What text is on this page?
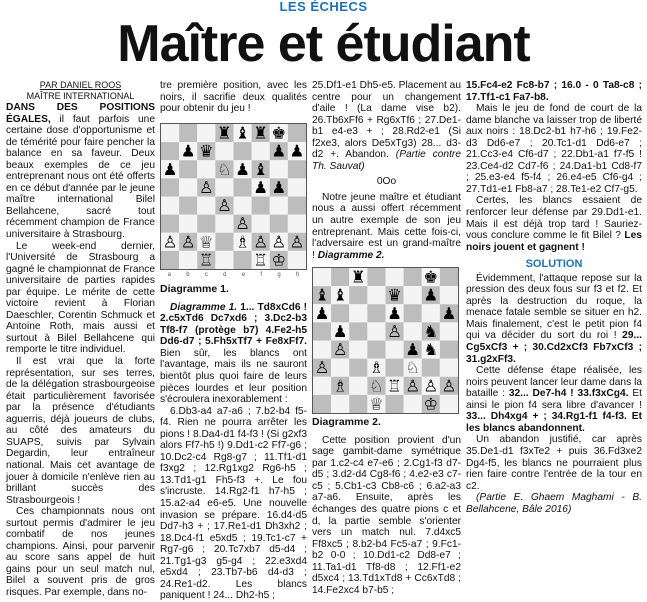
LES ÉCHECS
Maître et étudiant

PAR DANIEL ROOS

MAÎTRE INTERNATIONAL

DANS DES POSITIONS ÉGALES, il faut parfois une certaine dose d'opportunisme et de témérité pour faire pencher la balance en sa faveur. Deux beaux exemples de ce jeu entreprenant nous ont été offerts en ce début d'année par le jeune maître international Bilel Bellahcene, sacré tout récemment champion de France universitaire à Strasbourg.

Le week-end dernier, l'Université de Strasbourg a gagné le championnat de France universitaire de parties rapides par équipe. Le mérite de cette victoire revient à Florian Daeschler, Corentin Schmuck et Antoine Roth, mais aussi et surtout à Bilel Bellahcene qui remporte le titre individuel.

Il est vrai que la forte représentation, sur ses terres, de la délégation strasbourgeoise était particulièrement favorisée par la présence d'étudiants aguerris, déjà joueurs de clubs, au côté des amateurs du SUAPS, suivis par Sylvain Degardin, leur entraîneur national. Mais cet avantage de jouer à domicile n'enlève rien au brillant succès des Strasbourgeois !

Ces championnats nous ont surtout permis d'admirer le jeu combatif de nos jeunes champions. Ainsi, pour parvenir au score sans appel de huit gains pour un seul match nul, Bilel a souvent pris de gros risques. Par exemple, dans no-

tre première position, avec les noirs, il sacrifie deux qualités pour obtenir du jeu !

♜ ♝ ♜ ♚
♟ ♛	♟ ♟
♟ ♘ ♟ ♝
♙ ♟ ♟
♙
♙
♙ ♙ ♕ ♗ ♙ ♙ ♙
♖ ♖ ♔
a	b	c	d	e	f	g	h

Diagramme 1.

Diagramme 1. 1... Td8xCd6 ! 2.c5xTd6 Dc7xd6 ; 3.Dc2-b3 Tf8-f7 (protège b7) 4.Fe2-h5 Dd6-d7 ; 5.Fh5xTf7 + Fe8xFf7. Bien sûr, les blancs ont l'avantage, mais ils ne sauront bientôt plus quoi faire de leurs pièces lourdes et leur position s'écroulera inexorablement :

6.Db3-a4 a7-a6 ; 7.b2-b4 f5-f4. Rien ne pourra arrêter les pions ! 8.Da4-d1 f4-f3 ! (Si g2xf3 alors Ff7-h5 !) 9.Dd1-c2 Ff7-g6 ; 10.Dc2-c4 Rg8-g7 ; 11.Tf1-d1 f3xg2 ; 12.Rg1xg2 Rg6-h5 ; 13.Td1-g1 Fh5-f3 +. Le fou s'incruste. 14.Rg2-f1 h7-h5 ; 15.a2-a4 e6-e5. Une nouvelle invasion se prépare. 16.d4-d5 Dd7-h3 + ; 17.Re1-d1 Dh3xh2 ; 18.Dc4-f1 e5xd5 ; 19.Tc1-c7 + Rg7-g6 ; 20.Tc7xb7 d5-d4 ; 21.Tg1-g3 g5-g4 ; 22.e3xd4 e5xd4 ; 23.Tb7-b6 d4-d3 ; 24.Re1-d2. Les blancs paniquent ! 24... Dh2-h5 ;

25.Df1-e1 Dh5-e5. Placement au centre pour un changement d'aile ! (La dame vise b2). 26.Tb6xFf6 + Rg6xTf6 ; 27.De1-b1 e4-e3 + ; 28.Rd2-e1 (Si f2xe3, alors De5xTg3) 28... d3-d2 +. Abandon. (Partie contre Th. Sauvat)

0Oo

Notre jeune maître et étudiant nous a aussi offert récemment un autre exemple de son jeu entreprenant. Mais cette fois-ci, l'adversaire est un grand-maître ! Diagramme 2.

♜	♚
♝ ♝ ♛ ♟
♟	♟ ♟
♟ ♙ ♞
♙	♟ ♞
♙ ♗ ♘
♗ ♘ ♖ ♙ ♙ ♙
♕ ♔

Diagramme 2.

Cette position provient d'un sage gambit-dame symétrique par 1.c2-c4 e7-e6 ; 2.Cg1-f3 d7-d5 ; 3.d2-d4 Cg8-f6 ; 4.e2-e3 c7-c5 ; 5.Cb1-c3 Cb8-c6 ; 6.a2-a3 a7-a6. Ensuite, après les échanges des quatre pions c et d, la partie semble s'orienter vers un match nul. 7.d4xc5 Ff8xc5 ; 8.b2-b4 Fc5-a7 ; 9.Fc1-b2 0-0 ; 10.Dd1-c2 Dd8-e7 ; 11.Ta1-d1 Tf8-d8 ; 12.Ff1-e2 d5xc4 ; 13.Td1xTd8 + Cc6xTd8 ; 14.Fe2xc4 b7-b5 ;

15.Fc4-e2 Fc8-b7 ; 16.0 - 0 Ta8-c8 ; 17.Tf1-c1 Fa7-b8.

Mais le jeu de fond de court de la dame blanche va laisser trop de liberté aux noirs : 18.Dc2-b1 h7-h6 ; 19.Fe2-d3 Dd6-e7 ; 20.Tc1-d1 Dd6-e7 ; 21.Cc3-e4 Cf6-d7 ; 22.Db1-a1 f7-f5 ! 23.Ce4-d2 Cd7-f6 ; 24.Da1-b1 Cd8-f7 ; 25.e3-e4 f5-f4 ; 26.e4-e5 Cf6-g4 ; 27.Td1-e1 Fb8-a7 ; 28.Te1-e2 Cf7-g5.

Certes, les blancs essaient de renforcer leur défense par 29.Dd1-e1. Mais il est déjà trop tard ! Sauriez-vous conclure comme le fit Bilel ? Les noirs jouent et gagnent !

SOLUTION

Évidemment, l'attaque repose sur la pression des deux fous sur f3 et f2. Et après la destruction du roque, la menace fatale semble se situer en h2. Mais finalement, c'est le petit pion f4 qui va décider du sort du roi ! 29... Cg5xCf3 + ; 30.Cd2xCf3 Fb7xCf3 ; 31.g2xFf3.

Cette défense étape réalisée, les noirs peuvent lancer leur dame dans la bataille : 32... De7-h4 ! 33.f3xCg4. Et ainsi le pion f4 sera libre d'avancer ! 33... Dh4xg4 + ; 34.Rg1-f1 f4-f3. Et les blancs abandonnent.

Un abandon justifié, car après 35.De1-d1 f3xTe2 + puis 36.Fd3xe2 Dg4-f5, les blancs ne pourraient plus rien faire contre l'entrée de la tour en c2.

(Partie E. Ghaem Maghami - B. Bellahcene, Bâle 2016)
